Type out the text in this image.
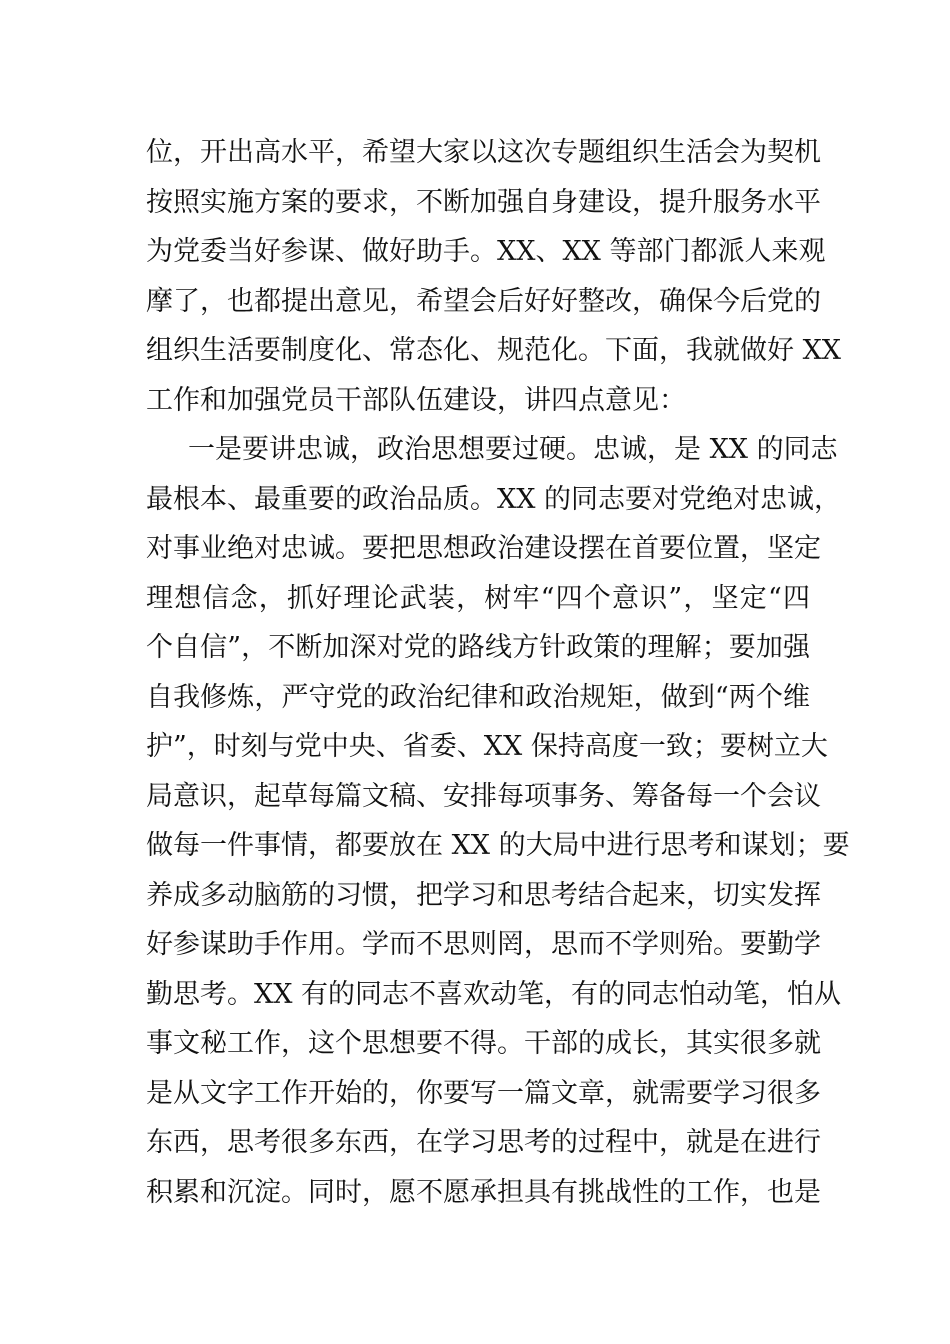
位，开出高水平，希望大家以这次专题组织生活会为契机
按照实施方案的要求，不断加强自身建设，提升服务水平
为党委当好参谋、做好助手。XX、XX 等部门都派人来观
摩了，也都提出意见，希望会后好好整改，确保今后党的
组织生活要制度化、常态化、规范化。下面，我就做好 XX
工作和加强党员干部队伍建设，讲四点意见：
一是要讲忠诚，政治思想要过硬。忠诚，是 XX 的同志
最根本、最重要的政治品质。XX 的同志要对党绝对忠诚，
对事业绝对忠诚。要把思想政治建设摆在首要位置，坚定
理想信念，抓好理论武装，树牢“四个意识”，坚定“四
个自信”，不断加深对党的路线方针政策的理解；要加强
自我修炼，严守党的政治纪律和政治规矩，做到“两个维
护”，时刻与党中央、省委、XX 保持高度一致；要树立大
局意识，起草每篇文稿、安排每项事务、筹备每一个会议
做每一件事情，都要放在 XX 的大局中进行思考和谋划；要
养成多动脑筋的习惯，把学习和思考结合起来，切实发挥
好参谋助手作用。学而不思则罔，思而不学则殆。要勤学
勤思考。XX 有的同志不喜欢动笔，有的同志怕动笔，怕从
事文秘工作，这个思想要不得。干部的成长，其实很多就
是从文字工作开始的，你要写一篇文章，就需要学习很多
东西，思考很多东西，在学习思考的过程中，就是在进行
积累和沉淀。同时，愿不愿承担具有挑战性的工作，也是
